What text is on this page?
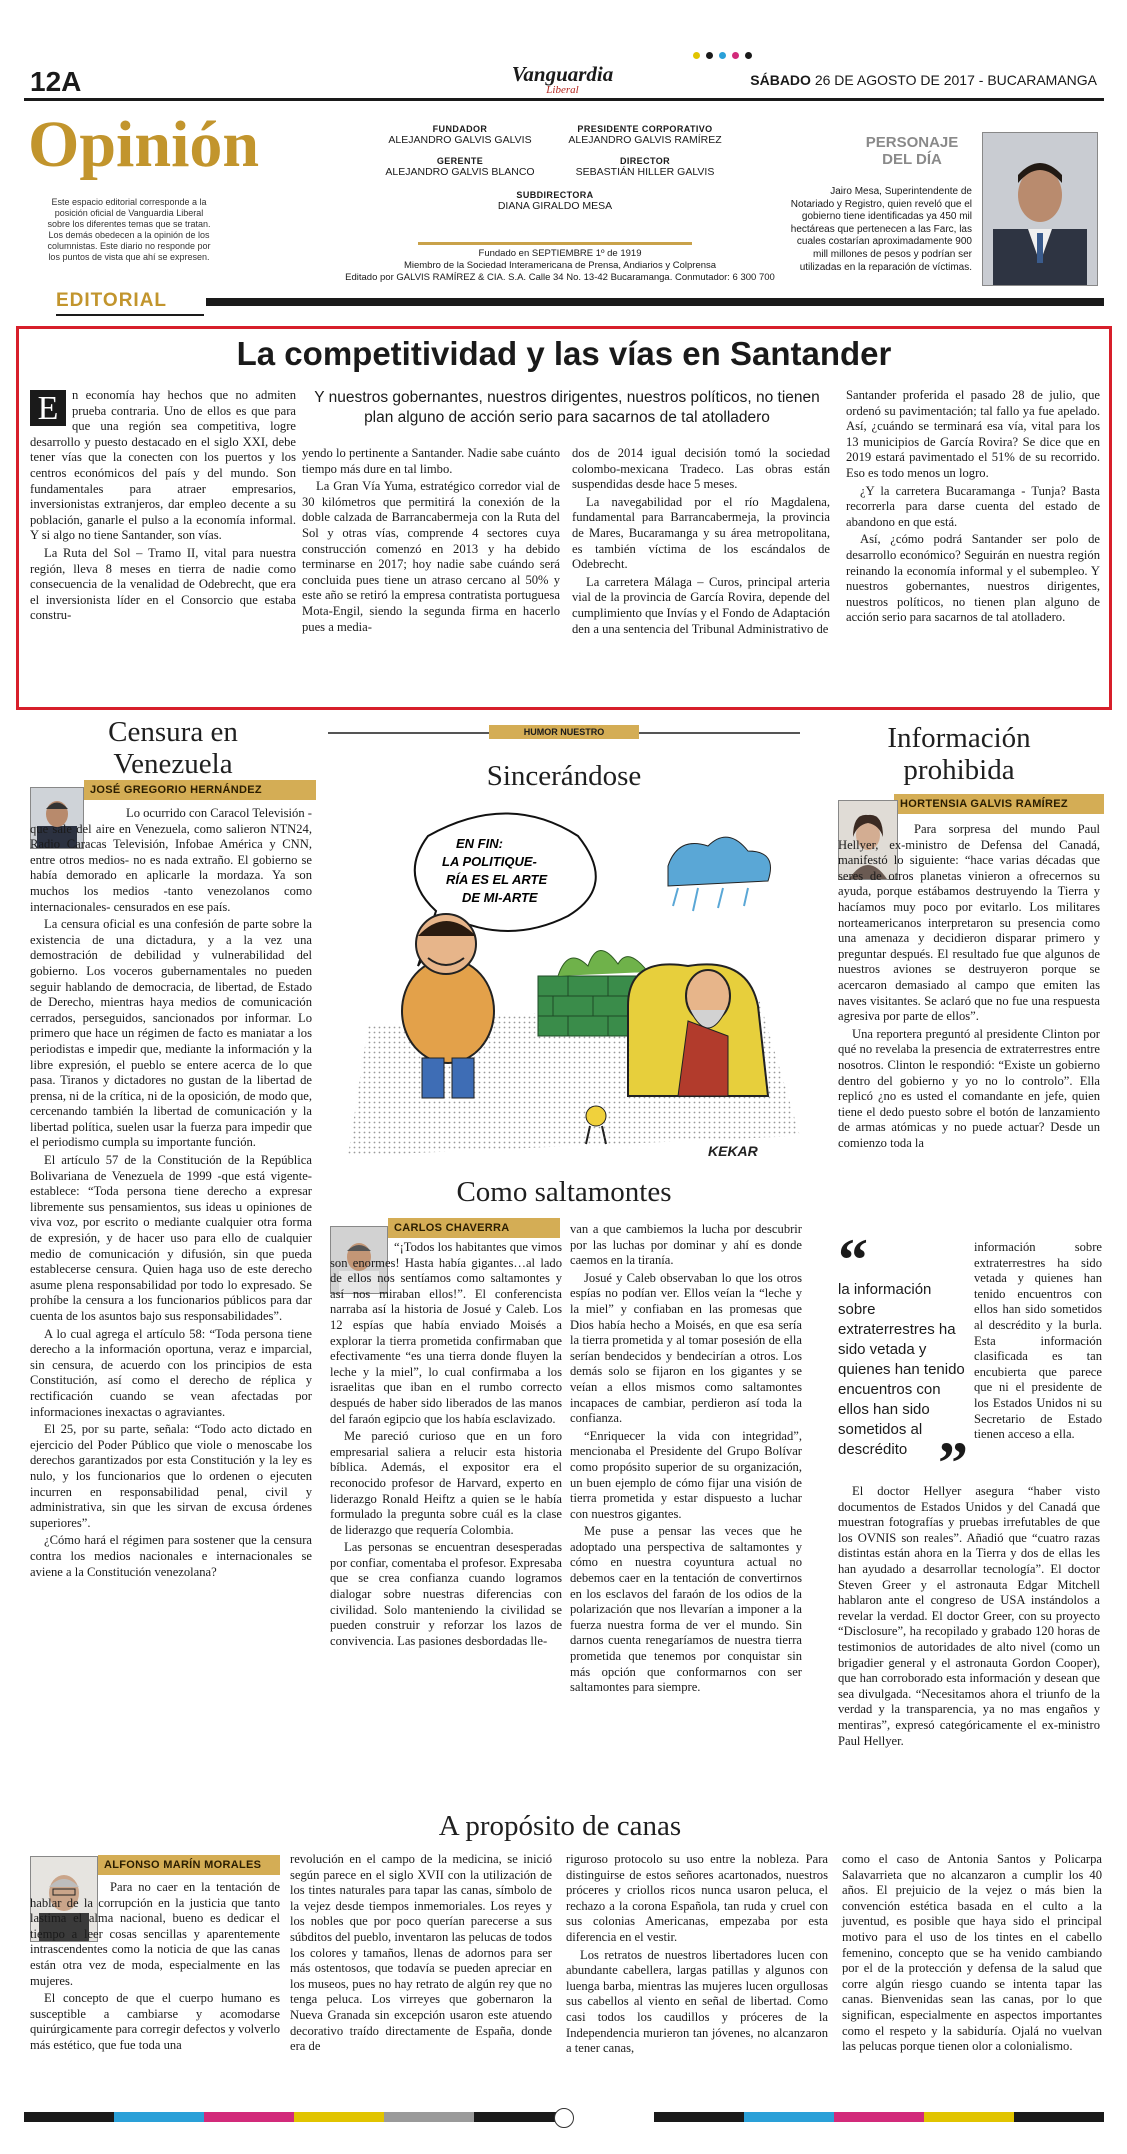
12A	Vanguardia
Liberal
SÁBADO 26 DE AGOSTO DE 2017 - BUCARAMANGA
Opinión
Este espacio editorial corresponde a la posición oficial de Vanguardia Liberal sobre los diferentes temas que se tratan. Los demás obedecen a la opinión de los columnistas. Este diario no responde por los puntos de vista que ahí se expresen.
FUNDADOR
ALEJANDRO GALVIS GALVIS
PRESIDENTE CORPORATIVO
ALEJANDRO GALVIS RAMÍREZ
GERENTE
ALEJANDRO GALVIS BLANCO
DIRECTOR
SEBASTIÁN HILLER GALVIS
SUBDIRECTORA
DIANA GIRALDO MESA
Fundado en SEPTIEMBRE 1º de 1919
Miembro de la Sociedad Interamericana de Prensa, Andiarios y Colprensa
Editado por GALVIS RAMÍREZ & CIA. S.A. Calle 34 No. 13-42 Bucaramanga. Conmutador: 6 300 700
PERSONAJE
DEL DÍA
Jairo Mesa, Superintendente de Notariado y Registro, quien reveló que el gobierno tiene identificadas ya 450 mil hectáreas que pertenecen a las Farc, las cuales costarían aproximadamente 900 mill millones de pesos y podrían ser utilizadas en la reparación de víctimas.
EDITORIAL
La competitividad y las vías en Santander

E	n economía hay hechos que no admiten prueba contraria. Uno de ellos es que para que una región sea competitiva, logre desarrollo y puesto destacado en el siglo XXI, debe tener vías que la conecten con los puertos y los centros económicos del país y del mundo. Son fundamentales para atraer empresarios, inversionistas extranjeros, dar empleo decente a su población, ganarle el pulso a la economía informal. Y si algo no tiene Santander, son vías.

La Ruta del Sol – Tramo II, vital para nuestra región, lleva 8 meses en tierra de nadie como consecuencia de la venalidad de Odebrecht, que era el inversionista líder en el Consorcio que estaba constru-

Y nuestros gobernantes, nuestros dirigentes, nuestros políticos, no tienen plan alguno de acción serio para sacarnos de tal atolladero

yendo lo pertinente a Santander. Nadie sabe cuánto tiempo más dure en tal limbo.

La Gran Vía Yuma, estratégico corredor vial de 30 kilómetros que permitirá la conexión de la doble calzada de Barrancabermeja con la Ruta del Sol y otras vías, comprende 4 sectores cuya construcción comenzó en 2013 y ha debido terminarse en 2017; hoy nadie sabe cuándo será concluida pues tiene un atraso cercano al 50% y este año se retiró la empresa contratista portuguesa Mota-Engil, siendo la segunda firma en hacerlo pues a media-

dos de 2014 igual decisión tomó la sociedad colombo-mexicana Tradeco. Las obras están suspendidas desde hace 5 meses.

La navegabilidad por el río Magdalena, fundamental para Barrancabermeja, la provincia de Mares, Bucaramanga y su área metropolitana, es también víctima de los escándalos de Odebrecht.

La carretera Málaga – Curos, principal arteria vial de la provincia de García Rovira, depende del cumplimiento que Invías y el Fondo de Adaptación den a una sentencia del Tribunal Administrativo de

Santander proferida el pasado 28 de julio, que ordenó su pavimentación; tal fallo ya fue apelado. Así, ¿cuándo se terminará esa vía, vital para los 13 municipios de García Rovira? Se dice que en 2019 estará pavimentado el 51% de su recorrido. Eso es todo menos un logro.

¿Y la carretera Bucaramanga - Tunja? Basta recorrerla para darse cuenta del estado de abandono en que está.

Así, ¿cómo podrá Santander ser polo de desarrollo económico? Seguirán en nuestra región reinando la economía informal y el subempleo. Y nuestros gobernantes, nuestros dirigentes, nuestros políticos, no tienen plan alguno de acción serio para sacarnos de tal atolladero.

Censura en
Venezuela
JOSÉ GREGORIO HERNÁNDEZ

Lo ocurrido con Caracol Televisión -que sale del aire en Venezuela, como salieron NTN24, Radio Caracas Televisión, Infobae América y CNN, entre otros medios- no es nada extraño. El gobierno se había demorado en aplicarle la mordaza. Ya son muchos los medios -tanto venezolanos como internacionales- censurados en ese país.

La censura oficial es una confesión de parte sobre la existencia de una dictadura, y a la vez una demostración de debilidad y vulnerabilidad del gobierno. Los voceros gubernamentales no pueden seguir hablando de democracia, de libertad, de Estado de Derecho, mientras haya medios de comunicación cerrados, perseguidos, sancionados por informar. Lo primero que hace un régimen de facto es maniatar a los periodistas e impedir que, mediante la información y la libre expresión, el pueblo se entere acerca de lo que pasa. Tiranos y dictadores no gustan de la libertad de prensa, ni de la crítica, ni de la oposición, de modo que, cercenando también la libertad de comunicación y la libertad política, suelen usar la fuerza para impedir que el periodismo cumpla su importante función.

El artículo 57 de la Constitución de la República Bolivariana de Venezuela de 1999 -que está vigente- establece: “Toda persona tiene derecho a expresar libremente sus pensamientos, sus ideas u opiniones de viva voz, por escrito o mediante cualquier otra forma de expresión, y de hacer uso para ello de cualquier medio de comunicación y difusión, sin que pueda establecerse censura. Quien haga uso de este derecho asume plena responsabilidad por todo lo expresado. Se prohíbe la censura a los funcionarios públicos para dar cuenta de los asuntos bajo sus responsabilidades”.

A lo cual agrega el artículo 58: “Toda persona tiene derecho a la información oportuna, veraz e imparcial, sin censura, de acuerdo con los principios de esta Constitución, así como el derecho de réplica y rectificación cuando se vean afectadas por informaciones inexactas o agraviantes.

El 25, por su parte, señala: “Todo acto dictado en ejercicio del Poder Público que viole o menoscabe los derechos garantizados por esta Constitución y la ley es nulo, y los funcionarios que lo ordenen o ejecuten incurren en responsabilidad penal, civil y administrativa, sin que les sirvan de excusa órdenes superiores”.

¿Cómo hará el régimen para sostener que la censura contra los medios nacionales e internacionales se aviene a la Constitución venezolana?

HUMOR NUESTRO
Sincerándose
EN FIN:
LA POLITIQUE-
RÍA ES EL ARTE
DE MI-ARTE
KEKAR
Como saltamontes
CARLOS CHAVERRA

“¡Todos los habitantes que vimos son enormes! Hasta había gigantes…al lado de ellos nos sentíamos como saltamontes y así nos miraban ellos!”. El conferencista narraba así la historia de Josué y Caleb. Los 12 espías que había enviado Moisés a explorar la tierra prometida confirmaban que efectivamente “es una tierra donde fluyen la leche y la miel”, lo cual confirmaba a los israelitas que iban en el rumbo correcto después de haber sido liberados de las manos del faraón egipcio que los había esclavizado.

Me pareció curioso que en un foro empresarial saliera a relucir esta historia bíblica. Además, el expositor era el reconocido profesor de Harvard, experto en liderazgo Ronald Heiftz a quien se le había formulado la pregunta sobre cuál es la clase de liderazgo que requería Colombia.

Las personas se encuentran desesperadas por confiar, comentaba el profesor. Expresaba que se crea confianza cuando logramos dialogar sobre nuestras diferencias con civilidad. Solo manteniendo la civilidad se pueden construir y reforzar los lazos de convivencia. Las pasiones desbordadas lle-

van a que cambiemos la lucha por descubrir por las luchas por dominar y ahí es donde caemos en la tiranía.

Josué y Caleb observaban lo que los otros espías no podían ver. Ellos veían la “leche y la miel” y confiaban en las promesas que Dios había hecho a Moisés, en que esa sería la tierra prometida y al tomar posesión de ella serían bendecidos y bendecirían a otros. Los demás solo se fijaron en los gigantes y se veían a ellos mismos como saltamontes incapaces de cambiar, perdieron así toda la confianza.

“Enriquecer la vida con integridad”, mencionaba el Presidente del Grupo Bolívar como propósito superior de su organización, un buen ejemplo de cómo fijar una visión de tierra prometida y estar dispuesto a luchar con nuestros gigantes.

Me puse a pensar las veces que he adoptado una perspectiva de saltamontes y cómo en nuestra coyuntura actual no debemos caer en la tentación de convertirnos en los esclavos del faraón de los odios de la polarización que nos llevarían a imponer a la fuerza nuestra forma de ver el mundo. Sin darnos cuenta renegaríamos de nuestra tierra prometida que tenemos por conquistar sin más opción que conformarnos con ser saltamontes para siempre.

Información
prohibida
HORTENSIA GALVIS RAMÍREZ

Para sorpresa del mundo Paul Hellyer, ex-ministro de Defensa del Canadá, manifestó lo siguiente: “hace varias décadas que seres de otros planetas vinieron a ofrecernos su ayuda, porque estábamos destruyendo la Tierra y hacíamos muy poco por evitarlo. Los militares norteamericanos interpretaron su presencia como una amenaza y decidieron disparar primero y preguntar después. El resultado fue que algunos de nuestros aviones se destruyeron porque se acercaron demasiado al campo que emiten las naves visitantes. Se aclaró que no fue una respuesta agresiva por parte de ellos”.

Una reportera preguntó al presidente Clinton por qué no revelaba la presencia de extraterrestres entre nosotros. Clinton le respondió: “Existe un gobierno dentro del gobierno y yo no lo controlo”. Ella replicó ¿no es usted el comandante en jefe, quien tiene el dedo puesto sobre el botón de lanzamiento de armas atómicas y no puede actuar? Desde un comienzo toda la

“
la información sobre extraterrestres ha sido vetada y quienes han tenido encuentros con ellos han sido sometidos al descrédito ”

información sobre extraterrestres ha sido vetada y quienes han tenido encuentros con ellos han sido sometidos al descrédito y la burla. Esta información clasificada es tan encubierta que parece que ni el presidente de los Estados Unidos ni su Secretario de Estado tienen acceso a ella.

El doctor Hellyer asegura “haber visto documentos de Estados Unidos y del Canadá que muestran fotografías y pruebas irrefutables de que los OVNIS son reales”. Añadió que “cuatro razas distintas están ahora en la Tierra y dos de ellas les han ayudado a desarrollar tecnología”. El doctor Steven Greer y el astronauta Edgar Mitchell hablaron ante el congreso de USA instándolos a revelar la verdad. El doctor Greer, con su proyecto “Disclosure”, ha recopilado y grabado 120 horas de testimonios de autoridades de alto nivel (como un brigadier general y el astronauta Gordon Cooper), que han corroborado esta información y desean que sea divulgada. “Necesitamos ahora el triunfo de la verdad y la transparencia, ya no mas engaños y mentiras”, expresó categóricamente el ex-ministro Paul Hellyer.

A propósito de canas
ALFONSO MARÍN MORALES

Para no caer en la tentación de hablar de la corrupción en la justicia que tanto lastima el alma nacional, bueno es dedicar el tiempo a leer cosas sencillas y aparentemente intrascendentes como la noticia de que las canas están otra vez de moda, especialmente en las mujeres.

El concepto de que el cuerpo humano es susceptible a cambiarse y acomodarse quirúrgicamente para corregir defectos y volverlo más estético, que fue toda una

revolución en el campo de la medicina, se inició según parece en el siglo XVII con la utilización de los tintes naturales para tapar las canas, símbolo de la vejez desde tiempos inmemoriales. Los reyes y los nobles que por poco querían parecerse a sus súbditos del pueblo, inventaron las pelucas de todos los colores y tamaños, llenas de adornos para ser más ostentosos, que todavía se pueden apreciar en los museos, pues no hay retrato de algún rey que no tenga peluca. Los virreyes que gobernaron la Nueva Granada sin excepción usaron este atuendo decorativo traído directamente de España, donde era de

riguroso protocolo su uso entre la nobleza. Para distinguirse de estos señores acartonados, nuestros próceres y criollos ricos nunca usaron peluca, el rechazo a la corona Española, tan ruda y cruel con sus colonias Americanas, empezaba por esta diferencia en el vestir.

Los retratos de nuestros libertadores lucen con abundante cabellera, largas patillas y algunos con luenga barba, mientras las mujeres lucen orgullosas sus cabellos al viento en señal de libertad. Como casi todos los caudillos y próceres de la Independencia murieron tan jóvenes, no alcanzaron a tener canas,

como el caso de Antonia Santos y Policarpa Salavarrieta que no alcanzaron a cumplir los 40 años. El prejuicio de la vejez o más bien la convención estética basada en el culto a la juventud, es posible que haya sido el principal motivo para el uso de los tintes en el cabello femenino, concepto que se ha venido cambiando por el de la protección y defensa de la salud que corre algún riesgo cuando se intenta tapar las canas. Bienvenidas sean las canas, por lo que significan, especialmente en aspectos importantes como el respeto y la sabiduría. Ojalá no vuelvan las pelucas porque tienen olor a colonialismo.
